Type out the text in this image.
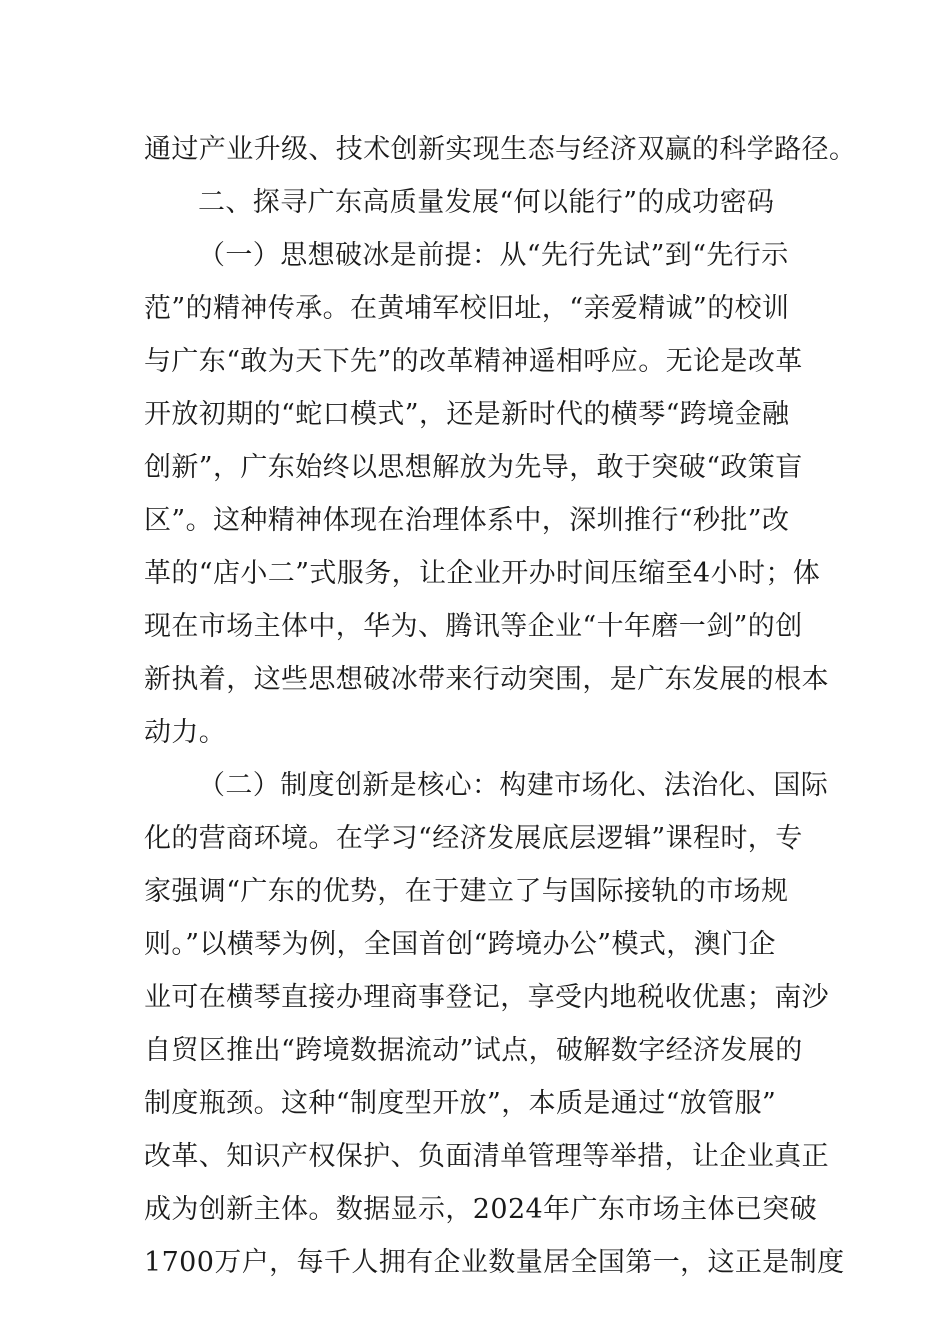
通过产业升级、技术创新实现生态与经济双赢的科学路径。
二、探寻广东高质量发展“何以能行”的成功密码
（一）思想破冰是前提：从“先行先试”到“先行示
范”的精神传承。在黄埔军校旧址，“亲爱精诚”的校训
与广东“敢为天下先”的改革精神遥相呼应。无论是改革
开放初期的“蛇口模式”，还是新时代的横琴“跨境金融
创新”，广东始终以思想解放为先导，敢于突破“政策盲
区”。这种精神体现在治理体系中，深圳推行“秒批”改
革的“店小二”式服务，让企业开办时间压缩至4小时；体
现在市场主体中，华为、腾讯等企业“十年磨一剑”的创
新执着，这些思想破冰带来行动突围，是广东发展的根本
动力。
（二）制度创新是核心：构建市场化、法治化、国际
化的营商环境。在学习“经济发展底层逻辑”课程时，专
家强调“广东的优势，在于建立了与国际接轨的市场规
则。”以横琴为例，全国首创“跨境办公”模式，澳门企
业可在横琴直接办理商事登记，享受内地税收优惠；南沙
自贸区推出“跨境数据流动”试点，破解数字经济发展的
制度瓶颈。这种“制度型开放”，本质是通过“放管服”
改革、知识产权保护、负面清单管理等举措，让企业真正
成为创新主体。数据显示，2024年广东市场主体已突破
1700万户，每千人拥有企业数量居全国第一，这正是制度
